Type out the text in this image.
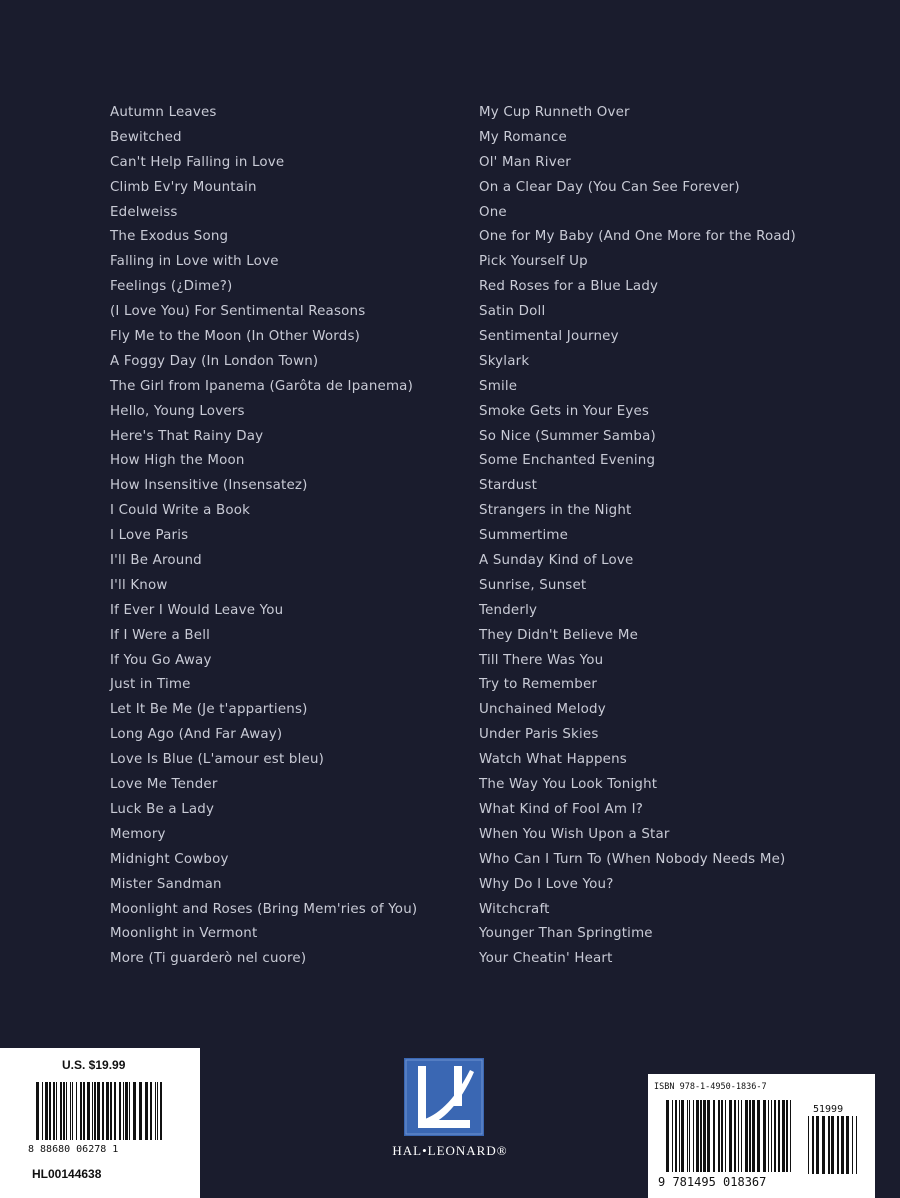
Autumn Leaves
Bewitched
Can't Help Falling in Love
Climb Ev'ry Mountain
Edelweiss
The Exodus Song
Falling in Love with Love
Feelings (¿Dime?)
(I Love You) For Sentimental Reasons
Fly Me to the Moon (In Other Words)
A Foggy Day (In London Town)
The Girl from Ipanema (Garôta de Ipanema)
Hello, Young Lovers
Here's That Rainy Day
How High the Moon
How Insensitive (Insensatez)
I Could Write a Book
I Love Paris
I'll Be Around
I'll Know
If Ever I Would Leave You
If I Were a Bell
If You Go Away
Just in Time
Let It Be Me (Je t'appartiens)
Long Ago (And Far Away)
Love Is Blue (L'amour est bleu)
Love Me Tender
Luck Be a Lady
Memory
Midnight Cowboy
Mister Sandman
Moonlight and Roses (Bring Mem'ries of You)
Moonlight in Vermont
More (Ti guarderò nel cuore)
My Cup Runneth Over
My Romance
Ol' Man River
On a Clear Day (You Can See Forever)
One
One for My Baby (And One More for the Road)
Pick Yourself Up
Red Roses for a Blue Lady
Satin Doll
Sentimental Journey
Skylark
Smile
Smoke Gets in Your Eyes
So Nice (Summer Samba)
Some Enchanted Evening
Stardust
Strangers in the Night
Summertime
A Sunday Kind of Love
Sunrise, Sunset
Tenderly
They Didn't Believe Me
Till There Was You
Try to Remember
Unchained Melody
Under Paris Skies
Watch What Happens
The Way You Look Tonight
What Kind of Fool Am I?
When You Wish Upon a Star
Who Can I Turn To (When Nobody Needs Me)
Why Do I Love You?
Witchcraft
Younger Than Springtime
Your Cheatin' Heart
U.S. $19.99
8 88680 06278 1
HL00144638
HAL•LEONARD®
ISBN 978-1-4950-1836-7
51999
9 781495 018367
